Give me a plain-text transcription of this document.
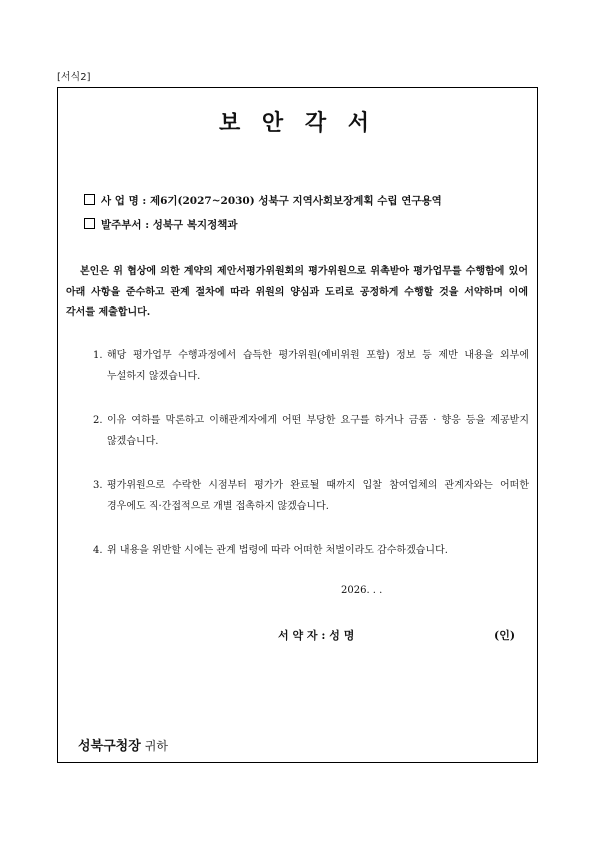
[서식2]
보 안 각 서
사 업 명 : 제6기(2027~2030) 성북구 지역사회보장계획 수립 연구용역
발주부서 : 성북구 복지정책과
본인은 위 협상에 의한 계약의 제안서평가위원회의 평가위원으로 위촉받아 평가업무를 수행함에 있어 아래 사항을 준수하고 관계 절차에 따라 위원의 양심과 도리로 공정하게 수행할 것을 서약하며 이에 각서를 제출합니다.
1. 해당 평가업무 수행과정에서 습득한 평가위원(예비위원 포함) 정보 등 제반 내용을 외부에 누설하지 않겠습니다.
2. 이유 여하를 막론하고 이해관계자에게 어떤 부당한 요구를 하거나 금품 · 향응 등을 제공받지 않겠습니다.
3. 평가위원으로 수락한 시점부터 평가가 완료될 때까지 입찰 참여업체의 관계자와는 어떠한 경우에도 직·간접적으로 개별 접촉하지 않겠습니다.
4. 위 내용을 위반할 시에는 관계 법령에 따라 어떠한 처벌이라도 감수하겠습니다.
2026. . .
서 약 자 : 성 명	(인)
성북구청장 귀하
